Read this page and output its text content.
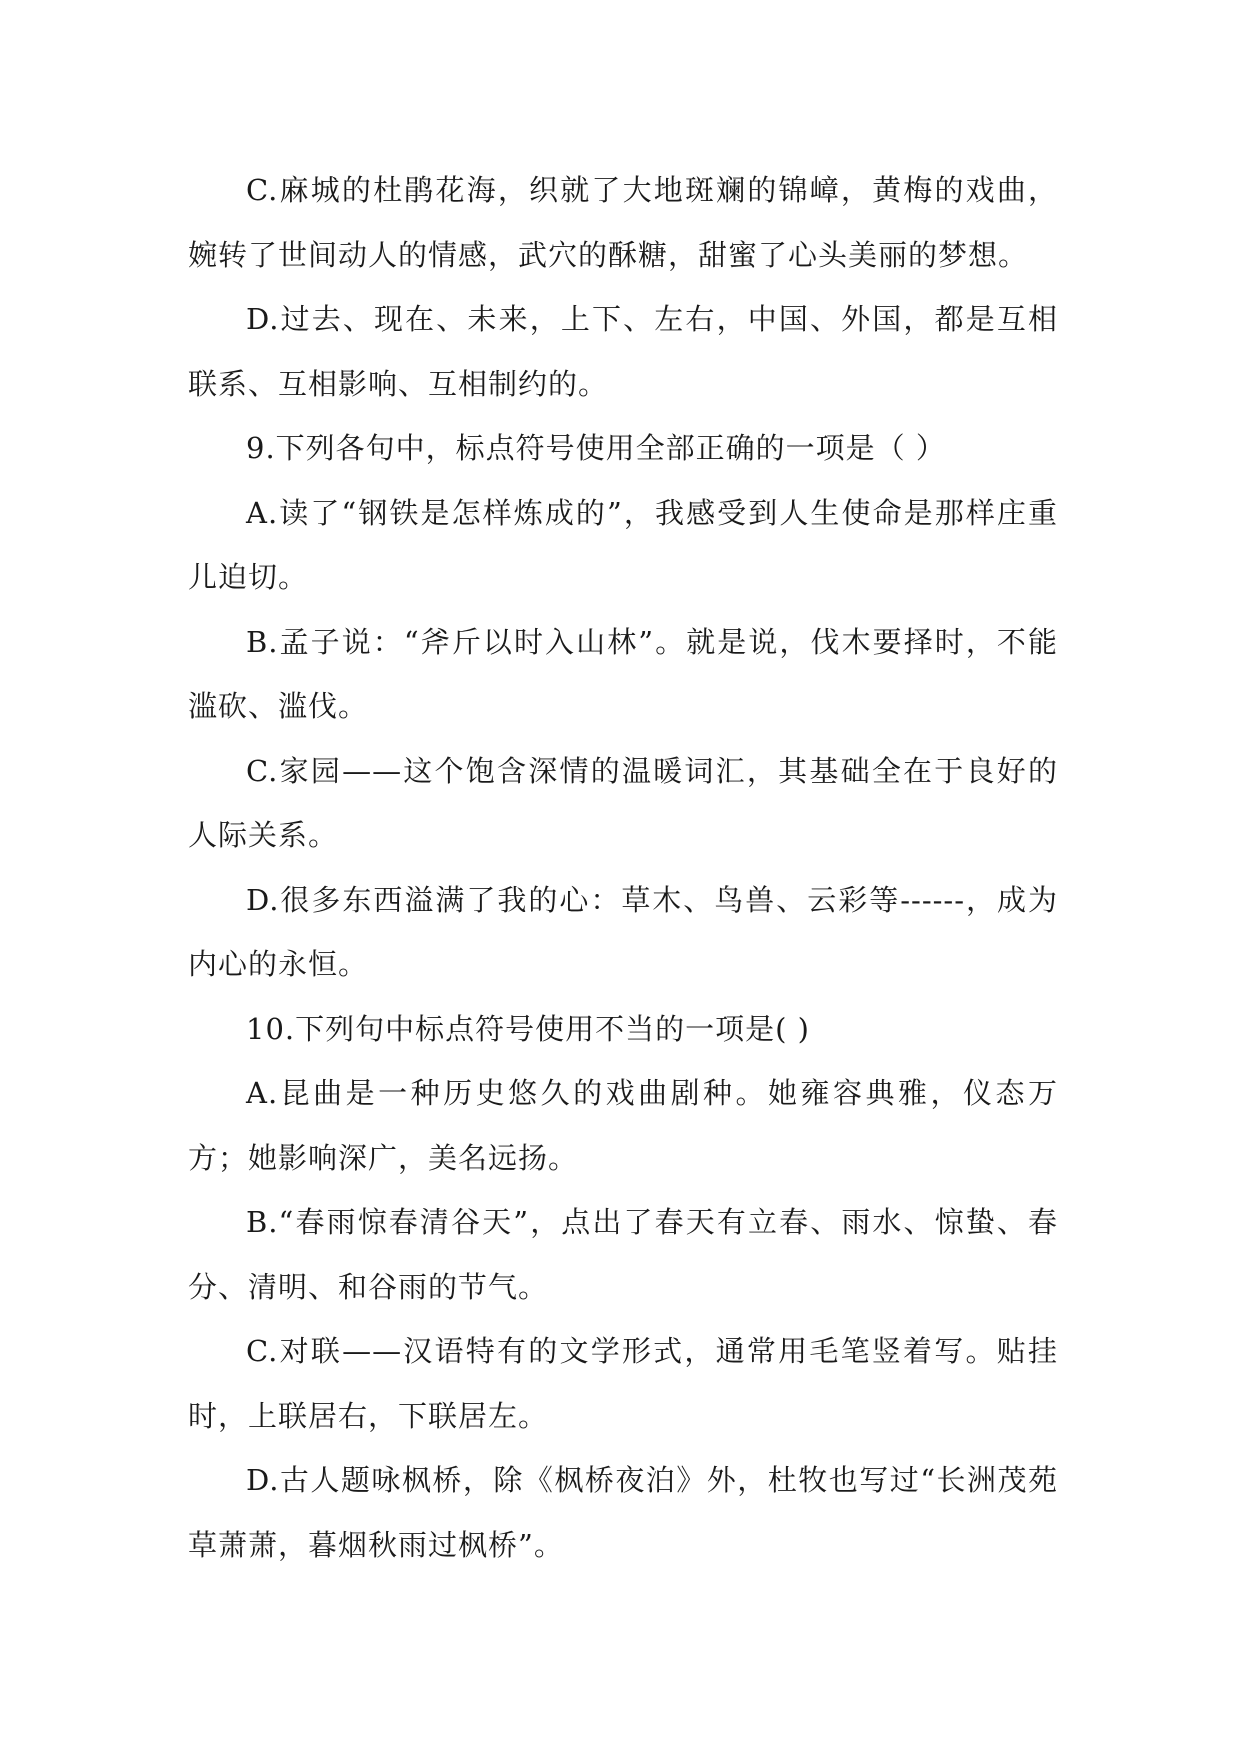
C.麻城的杜鹃花海，织就了大地斑斓的锦嶂，黄梅的戏曲，婉转了世间动人的情感，武穴的酥糖，甜蜜了心头美丽的梦想。

D.过去、现在、未来，上下、左右，中国、外国，都是互相联系、互相影响、互相制约的。

9.下列各句中，标点符号使用全部正确的一项是（ ）

A.读了“钢铁是怎样炼成的”，我感受到人生使命是那样庄重儿迫切。

B.孟子说：“斧斤以时入山林”。就是说，伐木要择时，不能滥砍、滥伐。

C.家园——这个饱含深情的温暖词汇，其基础全在于良好的人际关系。

D.很多东西溢满了我的心：草木、鸟兽、云彩等------，成为内心的永恒。

10.下列句中标点符号使用不当的一项是( )

A.昆曲是一种历史悠久的戏曲剧种。她雍容典雅，仪态万方；她影响深广，美名远扬。

B.“春雨惊春清谷天”，点出了春天有立春、雨水、惊蛰、春分、清明、和谷雨的节气。

C.对联——汉语特有的文学形式，通常用毛笔竖着写。贴挂时，上联居右，下联居左。

D.古人题咏枫桥，除《枫桥夜泊》外，杜牧也写过“长洲茂苑草萧萧，暮烟秋雨过枫桥”。
